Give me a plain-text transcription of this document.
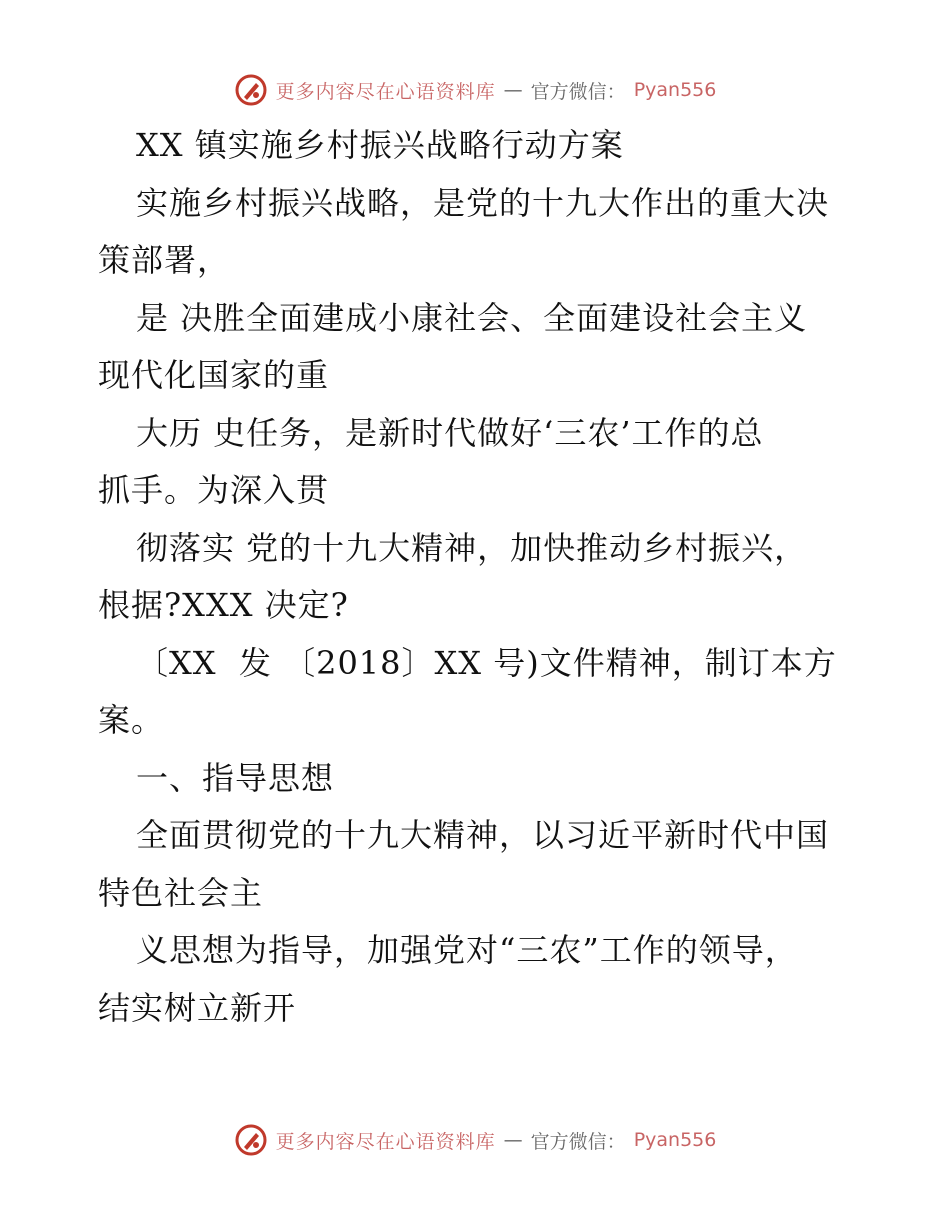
更多内容尽在心语资料库 — 官方微信： Pyan556
XX 镇实施乡村振兴战略行动方案
实施乡村振兴战略，是党的十九大作出的重大决
策部署，
是 决胜全面建成小康社会、全面建设社会主义
现代化国家的重
大历 史任务，是新时代做好‘三农’工作的总
抓手。为深入贯
彻落实 党的十九大精神，加快推动乡村振兴，
根据?XXX 决定?
〔XX  发 〔2018〕XX 号)文件精神，制订本方
案。
一、指导思想
全面贯彻党的十九大精神，以习近平新时代中国
特色社会主
义思想为指导，加强党对“三农”工作的领导，
结实树立新开
更多内容尽在心语资料库 — 官方微信： Pyan556
